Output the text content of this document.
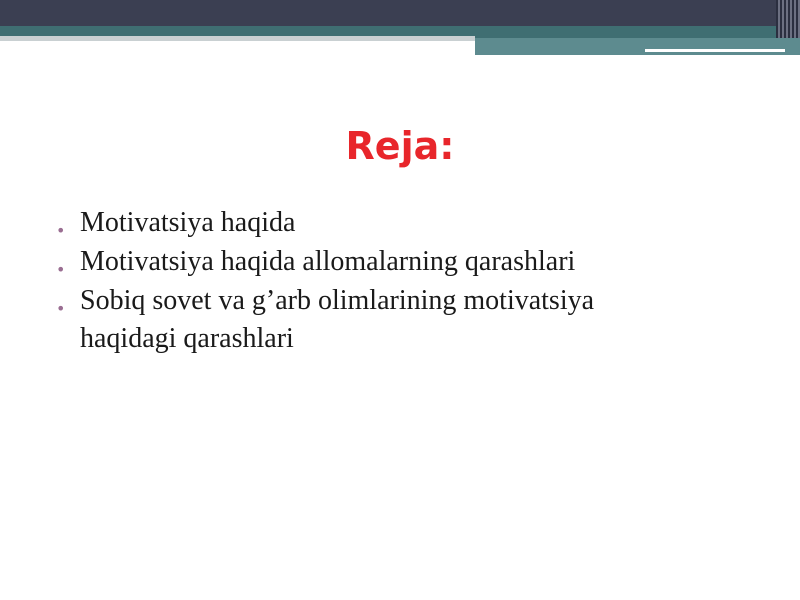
Reja:
• Motivatsiya haqida
• Motivatsiya haqida allomalarning qarashlari
• Sobiq sovet va g’arb olimlarining motivatsiya haqidagi qarashlari
